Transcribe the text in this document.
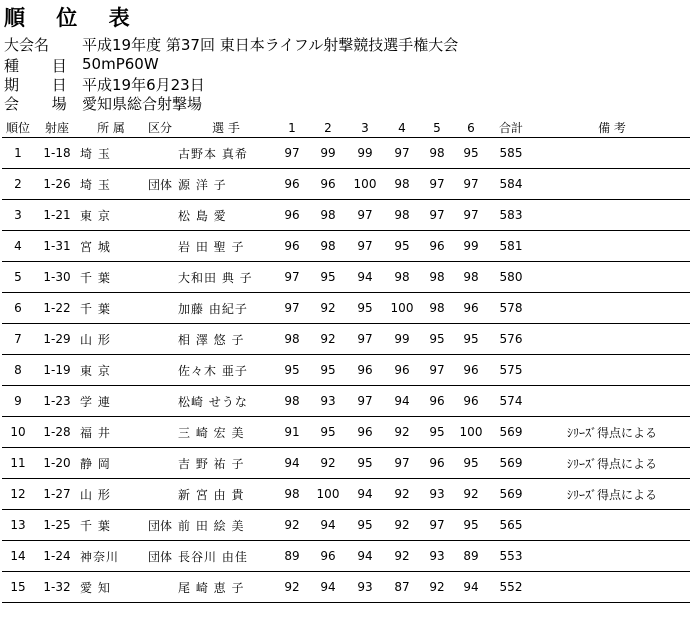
順 位 表
大会名 平成19年度 第37回 東日本ライフル射撃競技選手権大会
種 目 50mP60W
期 日 平成19年6月23日
会 場 愛知県総合射撃場
順位	射座	所 属	区分	選 手	1	2	3	4	5	6	合計	備 考
1	1-18	埼 玉		古野本 真希	97	99	99	97	98	95	585	
2	1-26	埼 玉	団体	源 洋 子	96	96	100	98	97	97	584	
3	1-21	東 京		松 島 愛	96	98	97	98	97	97	583	
4	1-31	宮 城		岩 田 聖 子	96	98	97	95	96	99	581	
5	1-30	千 葉		大和田 典 子	97	95	94	98	98	98	580	
6	1-22	千 葉		加藤 由紀子	97	92	95	100	98	96	578	
7	1-29	山 形		相 澤 悠 子	98	92	97	99	95	95	576	
8	1-19	東 京		佐々木 亜子	95	95	96	96	97	96	575	
9	1-23	学 連		松崎 せうな	98	93	97	94	96	96	574	
10	1-28	福 井		三 崎 宏 美	91	95	96	92	95	100	569	ｼﾘｰｽﾞ得点による
11	1-20	静 岡		吉 野 祐 子	94	92	95	97	96	95	569	ｼﾘｰｽﾞ得点による
12	1-27	山 形		新 宮 由 貴	98	100	94	92	93	92	569	ｼﾘｰｽﾞ得点による
13	1-25	千 葉	団体	前 田 絵 美	92	94	95	92	97	95	565	
14	1-24	神奈川	団体	長谷川 由佳	89	96	94	92	93	89	553	
15	1-32	愛 知		尾 崎 恵 子	92	94	93	87	92	94	552	
